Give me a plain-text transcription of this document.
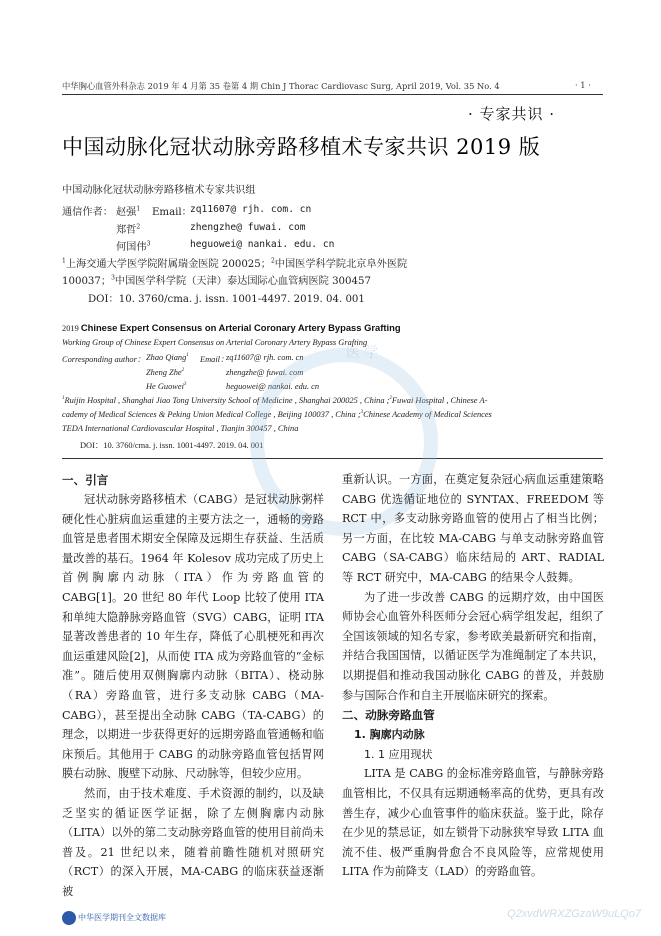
中华胸心血管外科杂志 2019 年 4 月第 35 卷第 4 期 Chin J Thorac Cardiovasc Surg, April 2019, Vol. 35 No. 4	· 1 ·
· 专家共识 ·
中国动脉化冠状动脉旁路移植术专家共识 2019 版
中国动脉化冠状动脉旁路移植术专家共识组
通信作者： 赵强$^1$ Email：
zq11607@ rjh. com. cn
郑哲$^2$	zhengzhe@ fuwai. com
何国伟$^3$	heguowei@ nankai. edu. cn
$^1$上海交通大学医学院附属瑞金医院 200025；$^2$中国医学科学院北京阜外医院
100037；$^3$中国医学科学院（天津）泰达国际心血管病医院 300457
DOI：10. 3760/cma. j. issn. 1001-4497. 2019. 04. 001
2019 Chinese Expert Consensus on Arterial Coronary Artery Bypass Grafting
Working Group of Chinese Expert Consensus on Arterial Coronary Artery Bypass Grafting
Corresponding author： Zhao Qiang$^1$ Email：
zq11607@ rjh. com. cn
Zheng Zhe$^2$	zhengzhe@ fuwai. com
He Guowei$^3$	heguowei@ nankai. edu. cn
$^1$Ruijin Hospital , Shanghai Jiao Tong University School of Medicine , Shanghai 200025 , China ;$^2$Fuwai Hospital , Chinese A-
cademy of Medical Sciences & Peking Union Medical College , Beijing 100037 , China ;$^3$Chinese Academy of Medical Sciences
TEDA International Cardiovascular Hospital , Tianjin 300457 , China
DOI：10. 3760/cma. j. issn. 1001-4497. 2019. 04. 001
医 学
一、引言

冠状动脉旁路移植术（CABG）是冠状动脉粥样硬化性心脏病血运重建的主要方法之一，通畅的旁路血管是患者围术期安全保障及远期生存获益、生活质量改善的基石。1964 年 Kolesov 成功完成了历史上首例胸廓内动脉（ITA）作为旁路血管的 CABG[1]。20 世纪 80 年代 Loop 比较了使用 ITA 和单纯大隐静脉旁路血管（SVG）CABG，证明 ITA 显著改善患者的 10 年生存，降低了心肌梗死和再次血运重建风险[2]，从而使 ITA 成为旁路血管的“金标准”。随后使用双侧胸廓内动脉（BITA）、桡动脉（RA）旁路血管，进行多支动脉 CABG（MA-CABG），甚至提出全动脉 CABG（TA-CABG）的理念，以期进一步获得更好的远期旁路血管通畅和临床预后。其他用于 CABG 的动脉旁路血管包括胃网膜右动脉、腹壁下动脉、尺动脉等，但较少应用。

然而，由于技术难度、手术资源的制约，以及缺乏坚实的循证医学证据，除了左侧胸廓内动脉（LITA）以外的第二支动脉旁路血管的使用目前尚未普及。21 世纪以来，随着前瞻性随机对照研究（RCT）的深入开展，MA-CABG 的临床获益逐渐被

重新认识。一方面，在奠定复杂冠心病血运重建策略 CABG 优选循证地位的 SYNTAX、FREEDOM 等 RCT 中，多支动脉旁路血管的使用占了相当比例；另一方面，在比较 MA-CABG 与单支动脉旁路血管 CABG（SA-CABG）临床结局的 ART、RADIAL 等 RCT 研究中，MA-CABG 的结果令人鼓舞。

为了进一步改善 CABG 的远期疗效，由中国医师协会心血管外科医师分会冠心病学组发起，组织了全国该领域的知名专家，参考欧美最新研究和指南，并结合我国国情，以循证医学为准绳制定了本共识，以期提倡和推动我国动脉化 CABG 的普及，并鼓励参与国际合作和自主开展临床研究的探索。

二、动脉旁路血管
1. 胸廓内动脉
1. 1 应用现状

LITA 是 CABG 的金标准旁路血管，与静脉旁路血管相比，不仅具有远期通畅率高的优势，更具有改善生存，减少心血管事件的临床获益。鉴于此，除存在少见的禁忌证，如左锁骨下动脉狭窄导致 LITA 血流不佳、极严重胸骨愈合不良风险等，应常规使用 LITA 作为前降支（LAD）的旁路血管。

中华医学期刊全文数据库	Q2xvdWRXZGzaW9uLQo7
